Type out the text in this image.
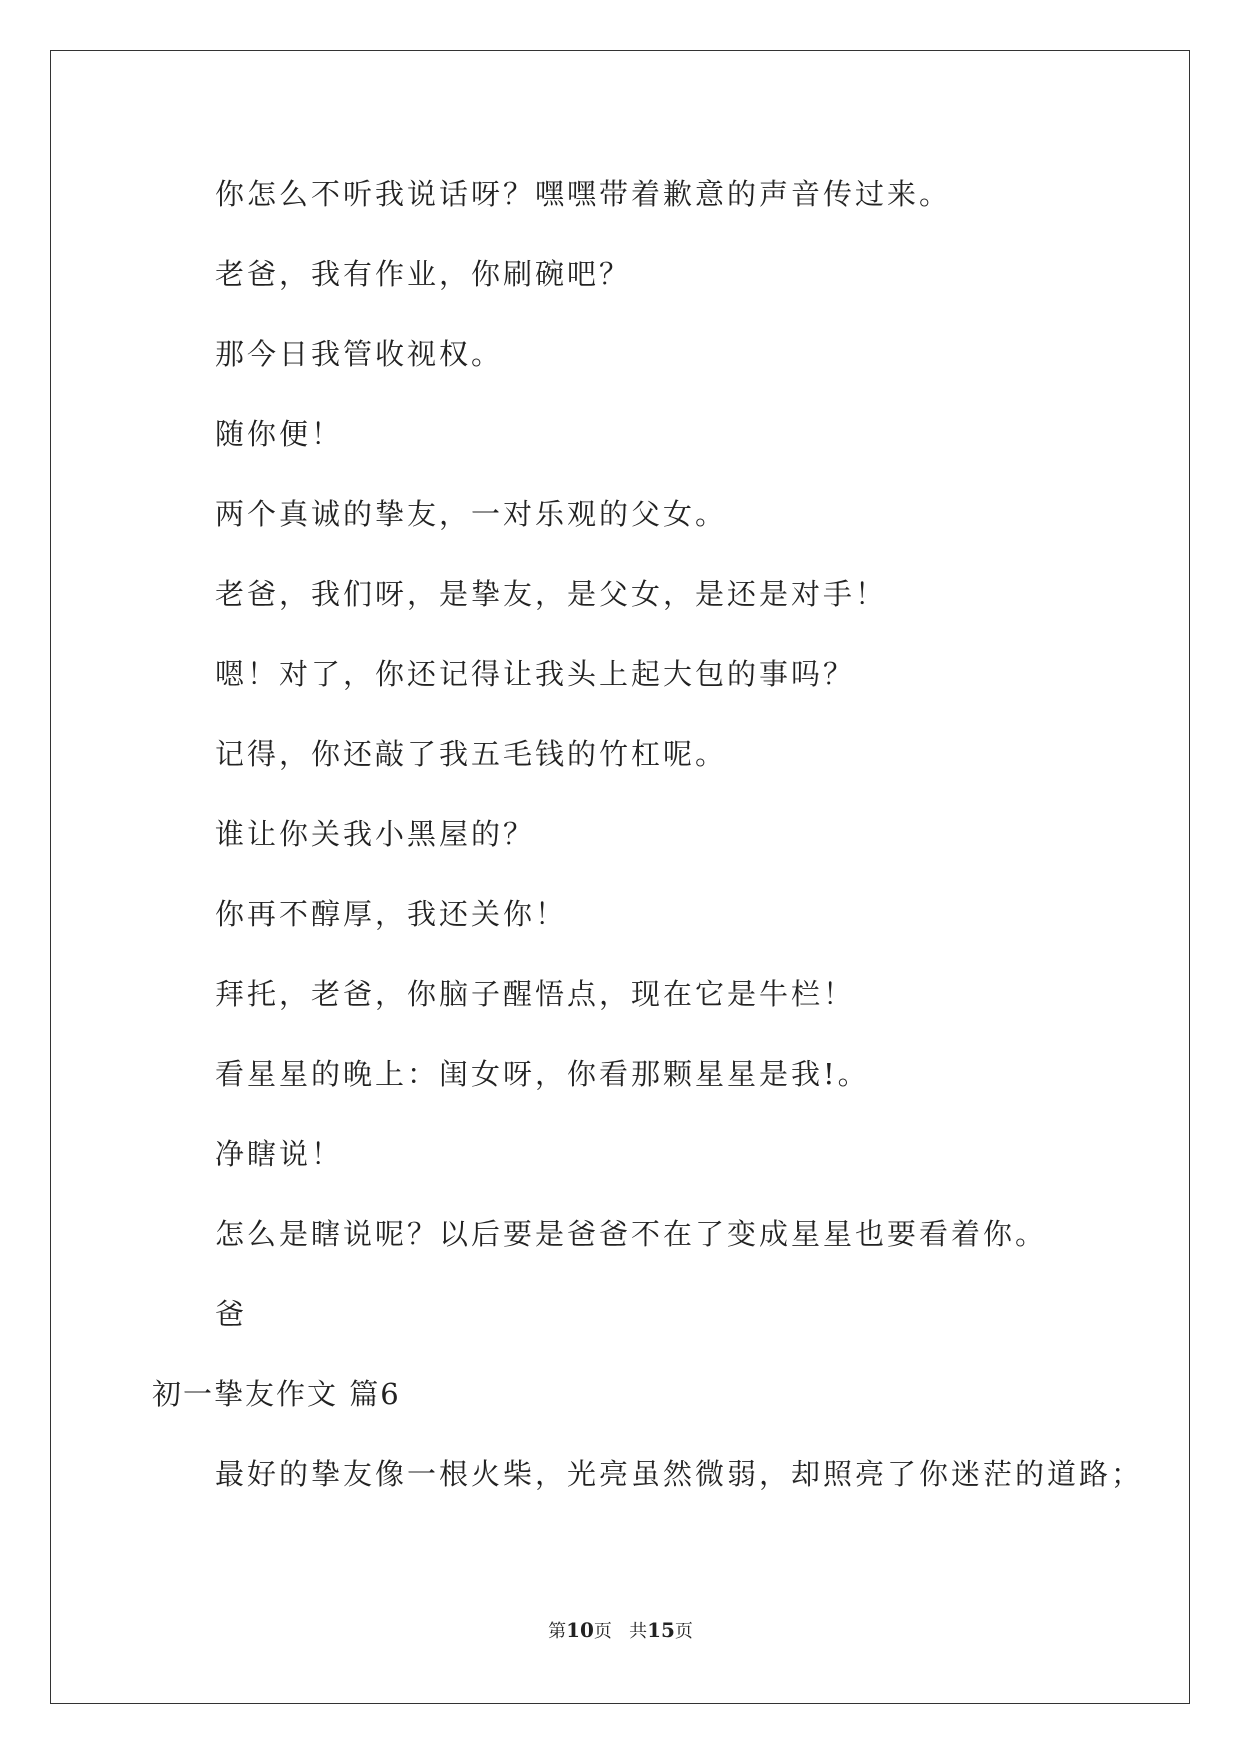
你怎么不听我说话呀？嘿嘿带着歉意的声音传过来。
老爸，我有作业，你刷碗吧？
那今日我管收视权。
随你便！
两个真诚的挚友，一对乐观的父女。
老爸，我们呀，是挚友，是父女，是还是对手！
嗯！对了，你还记得让我头上起大包的事吗？
记得，你还敲了我五毛钱的竹杠呢。
谁让你关我小黑屋的？
你再不醇厚，我还关你！
拜托，老爸，你脑子醒悟点，现在它是牛栏！
看星星的晚上：闺女呀，你看那颗星星是我!。
净瞎说！
怎么是瞎说呢？以后要是爸爸不在了变成星星也要看着你。
爸
初一挚友作文 篇6
最好的挚友像一根火柴，光亮虽然微弱，却照亮了你迷茫的道路；
第10页   共15页
